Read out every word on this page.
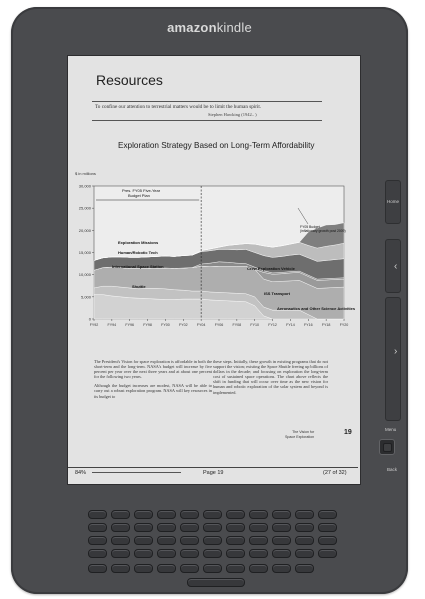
amazonkindle
Home
‹
›
Menu
Back
Resources
To confine our attention to terrestrial matters would be to limit the human spirit.
Stephen Hawking (1942– )
Exploration Strategy Based on Long-Term Affordability
$ in millions
0
5,000
10,000
15,000
20,000
25,000
30,000
FY92	FY94	FY96	FY98	FY00	FY02	FY04	FY06	FY08	FY10	FY12	FY14	FY16	FY18	FY20
Shuttle
International Space Station
Aeronautics and Other Science Activities
ISS Transport
Human/Robotic Tech
Exploration Missions
Crew Exploration Vehicle
Pres. FY05 Five-Year
Budget Plan
FY05 Budget
(inflationary growth post 2009)

The President's Vision for space exploration is affordable in both the short-term and the long-term. NASA's budget will increase by five percent per year over the next three years and at about one percent for the following two years.

Although the budget increases are modest, NASA will be able to carry out a robust exploration program. NASA will key resources in its budget to

these steps. Initially, these growth in existing programs that do not support the vision; existing the Space Shuttle freeing up billions of dollars in the decade; and focusing on exploration the long-term cost of sustained space operations. The chart above reflects the shift in funding that will occur over time as the new vision for human and robotic exploration of the solar system and beyond is implemented.

The Vision for
Space Exploration
19
84%	Page 19	(27 of 32)
